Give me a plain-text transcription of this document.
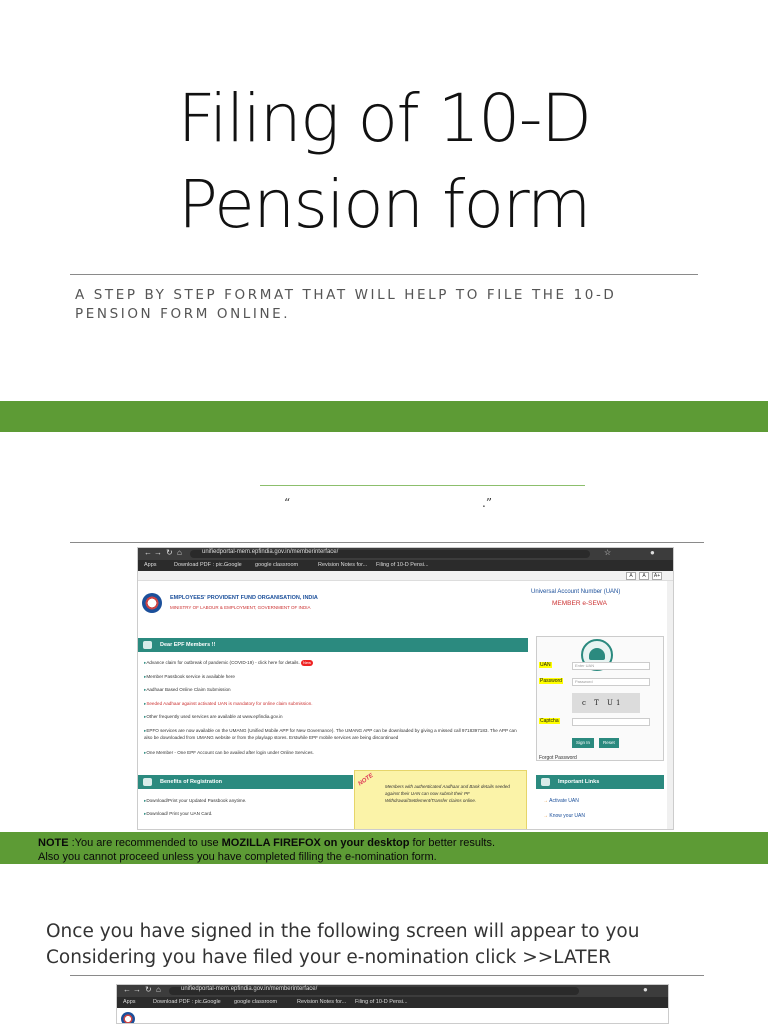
Filing of 10-D
Pension form
A STEP BY STEP FORMAT THAT WILL HELP TO FILE THE 10-D PENSION FORM ONLINE.
“	.”
← → ↻ ⌂	unifiedportal-mem.epfindia.gov.in/memberinterface/	☆	●
Apps	Download PDF : pic...
Google google classroom	Revision Notes for... Filing of 10-D Pensi...
A	A	A+
EMPLOYEES' PROVIDENT FUND ORGANISATION, INDIA
MINISTRY OF LABOUR & EMPLOYMENT, GOVERNMENT OF INDIA
Universal Account Number (UAN)
MEMBER e-SEWA
Dear EPF Members !!
▸ Advance claim for outbreak of pandemic (COVID-19) - click here for details. New
▸ Member Passbook service is available here
▸ Aadhaar Based Online Claim Submission
▸ Seeded Aadhaar against activated UAN is mandatory for online claim submission.
▸ Other frequently used services are available at www.epfindia.gov.in
▸ EPFO services are now available on the UMANG (Unified Mobile APP for New Governance). The UMANG APP can be downloaded by giving a missed call 9718397183. The APP can also be downloaded from UMANG website or from the play/app stores. Erstwhile EPF mobile services are being discontinued
▸ One Member - One EPF Account can be availed after login under Online Services.
UAN	Enter UAN
Password	Password
c T U1
Captcha
Sign In	Reset
Forgot Password
Benefits of Registration
▸ Download/Print your Updated Passbook anytime.
▸ Download/ Print your UAN Card.
NOTE Members with authenticated Aadhaar and Bank details seeded against their UAN can now submit their PF Withdrawal/Settlement/Transfer claims online.
Important Links
→ Activate UAN
→ Know your UAN
NOTE :You are recommended to use MOZILLA FIREFOX on your desktop for better results.
Also you cannot proceed unless you have completed filling the e-nomination form.
Once you have signed in the following screen will appear to you
Considering you have filed your e-nomination click >>LATER
← → ↻ ⌂	unifiedportal-mem.epfindia.gov.in/memberinterface/	●
Apps	Download PDF : pic...
Google google classroom	Revision Notes for... Filing of 10-D Pensi...
